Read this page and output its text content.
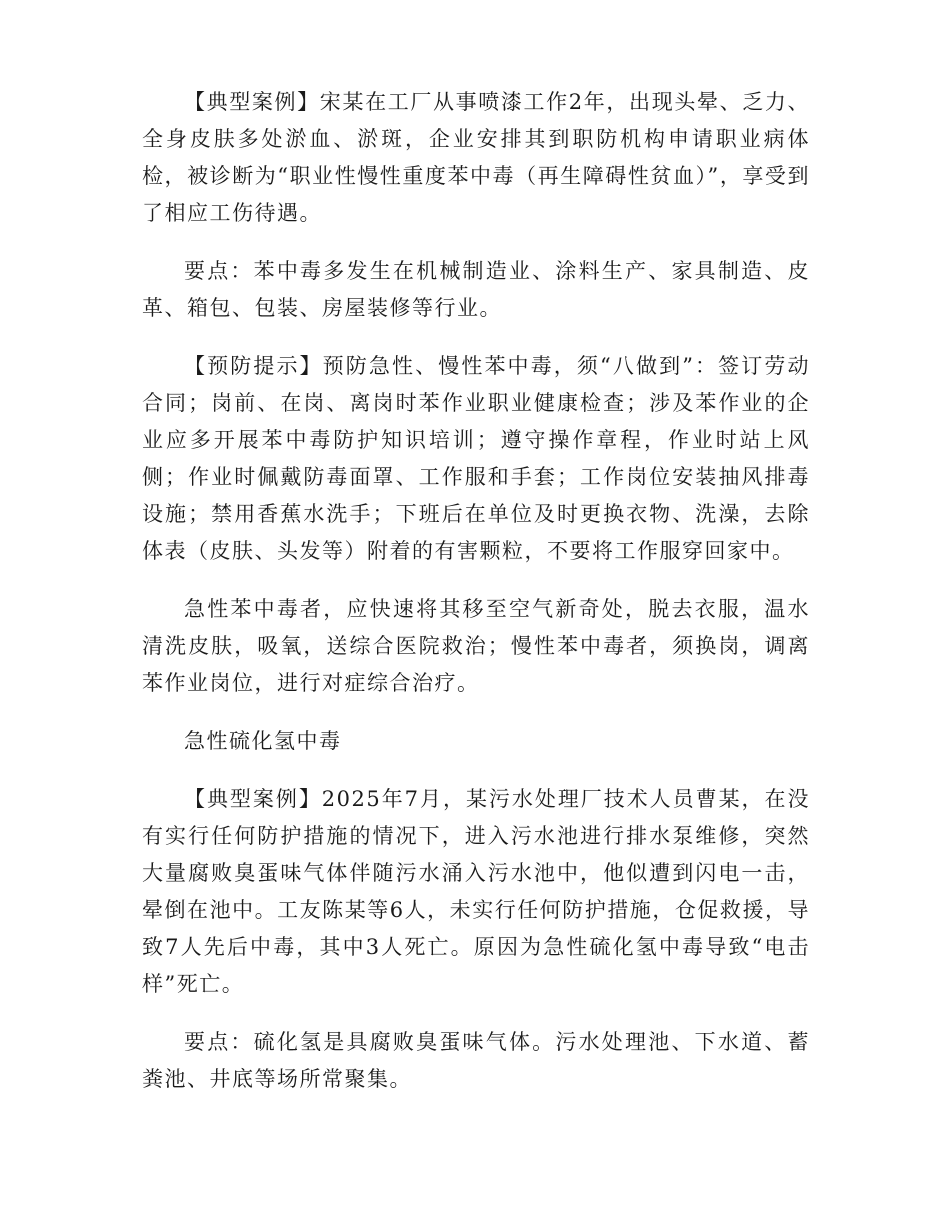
【典型案例】宋某在工厂从事喷漆工作2年，出现头晕、乏力、全身皮肤多处淤血、淤斑，企业安排其到职防机构申请职业病体检，被诊断为“职业性慢性重度苯中毒（再生障碍性贫血）”，享受到了相应工伤待遇。

要点：苯中毒多发生在机械制造业、涂料生产、家具制造、皮革、箱包、包装、房屋装修等行业。

【预防提示】预防急性、慢性苯中毒，须“八做到”：签订劳动合同；岗前、在岗、离岗时苯作业职业健康检查；涉及苯作业的企业应多开展苯中毒防护知识培训；遵守操作章程，作业时站上风侧；作业时佩戴防毒面罩、工作服和手套；工作岗位安装抽风排毒设施；禁用香蕉水洗手；下班后在单位及时更换衣物、洗澡，去除体表（皮肤、头发等）附着的有害颗粒，不要将工作服穿回家中。

急性苯中毒者，应快速将其移至空气新奇处，脱去衣服，温水清洗皮肤，吸氧，送综合医院救治；慢性苯中毒者，须换岗，调离苯作业岗位，进行对症综合治疗。

急性硫化氢中毒

【典型案例】2025年7月，某污水处理厂技术人员曹某，在没有实行任何防护措施的情况下，进入污水池进行排水泵维修，突然大量腐败臭蛋味气体伴随污水涌入污水池中，他似遭到闪电一击，晕倒在池中。工友陈某等6人，未实行任何防护措施，仓促救援，导致7人先后中毒，其中3人死亡。原因为急性硫化氢中毒导致“电击样”死亡。

要点：硫化氢是具腐败臭蛋味气体。污水处理池、下水道、蓄粪池、井底等场所常聚集。
